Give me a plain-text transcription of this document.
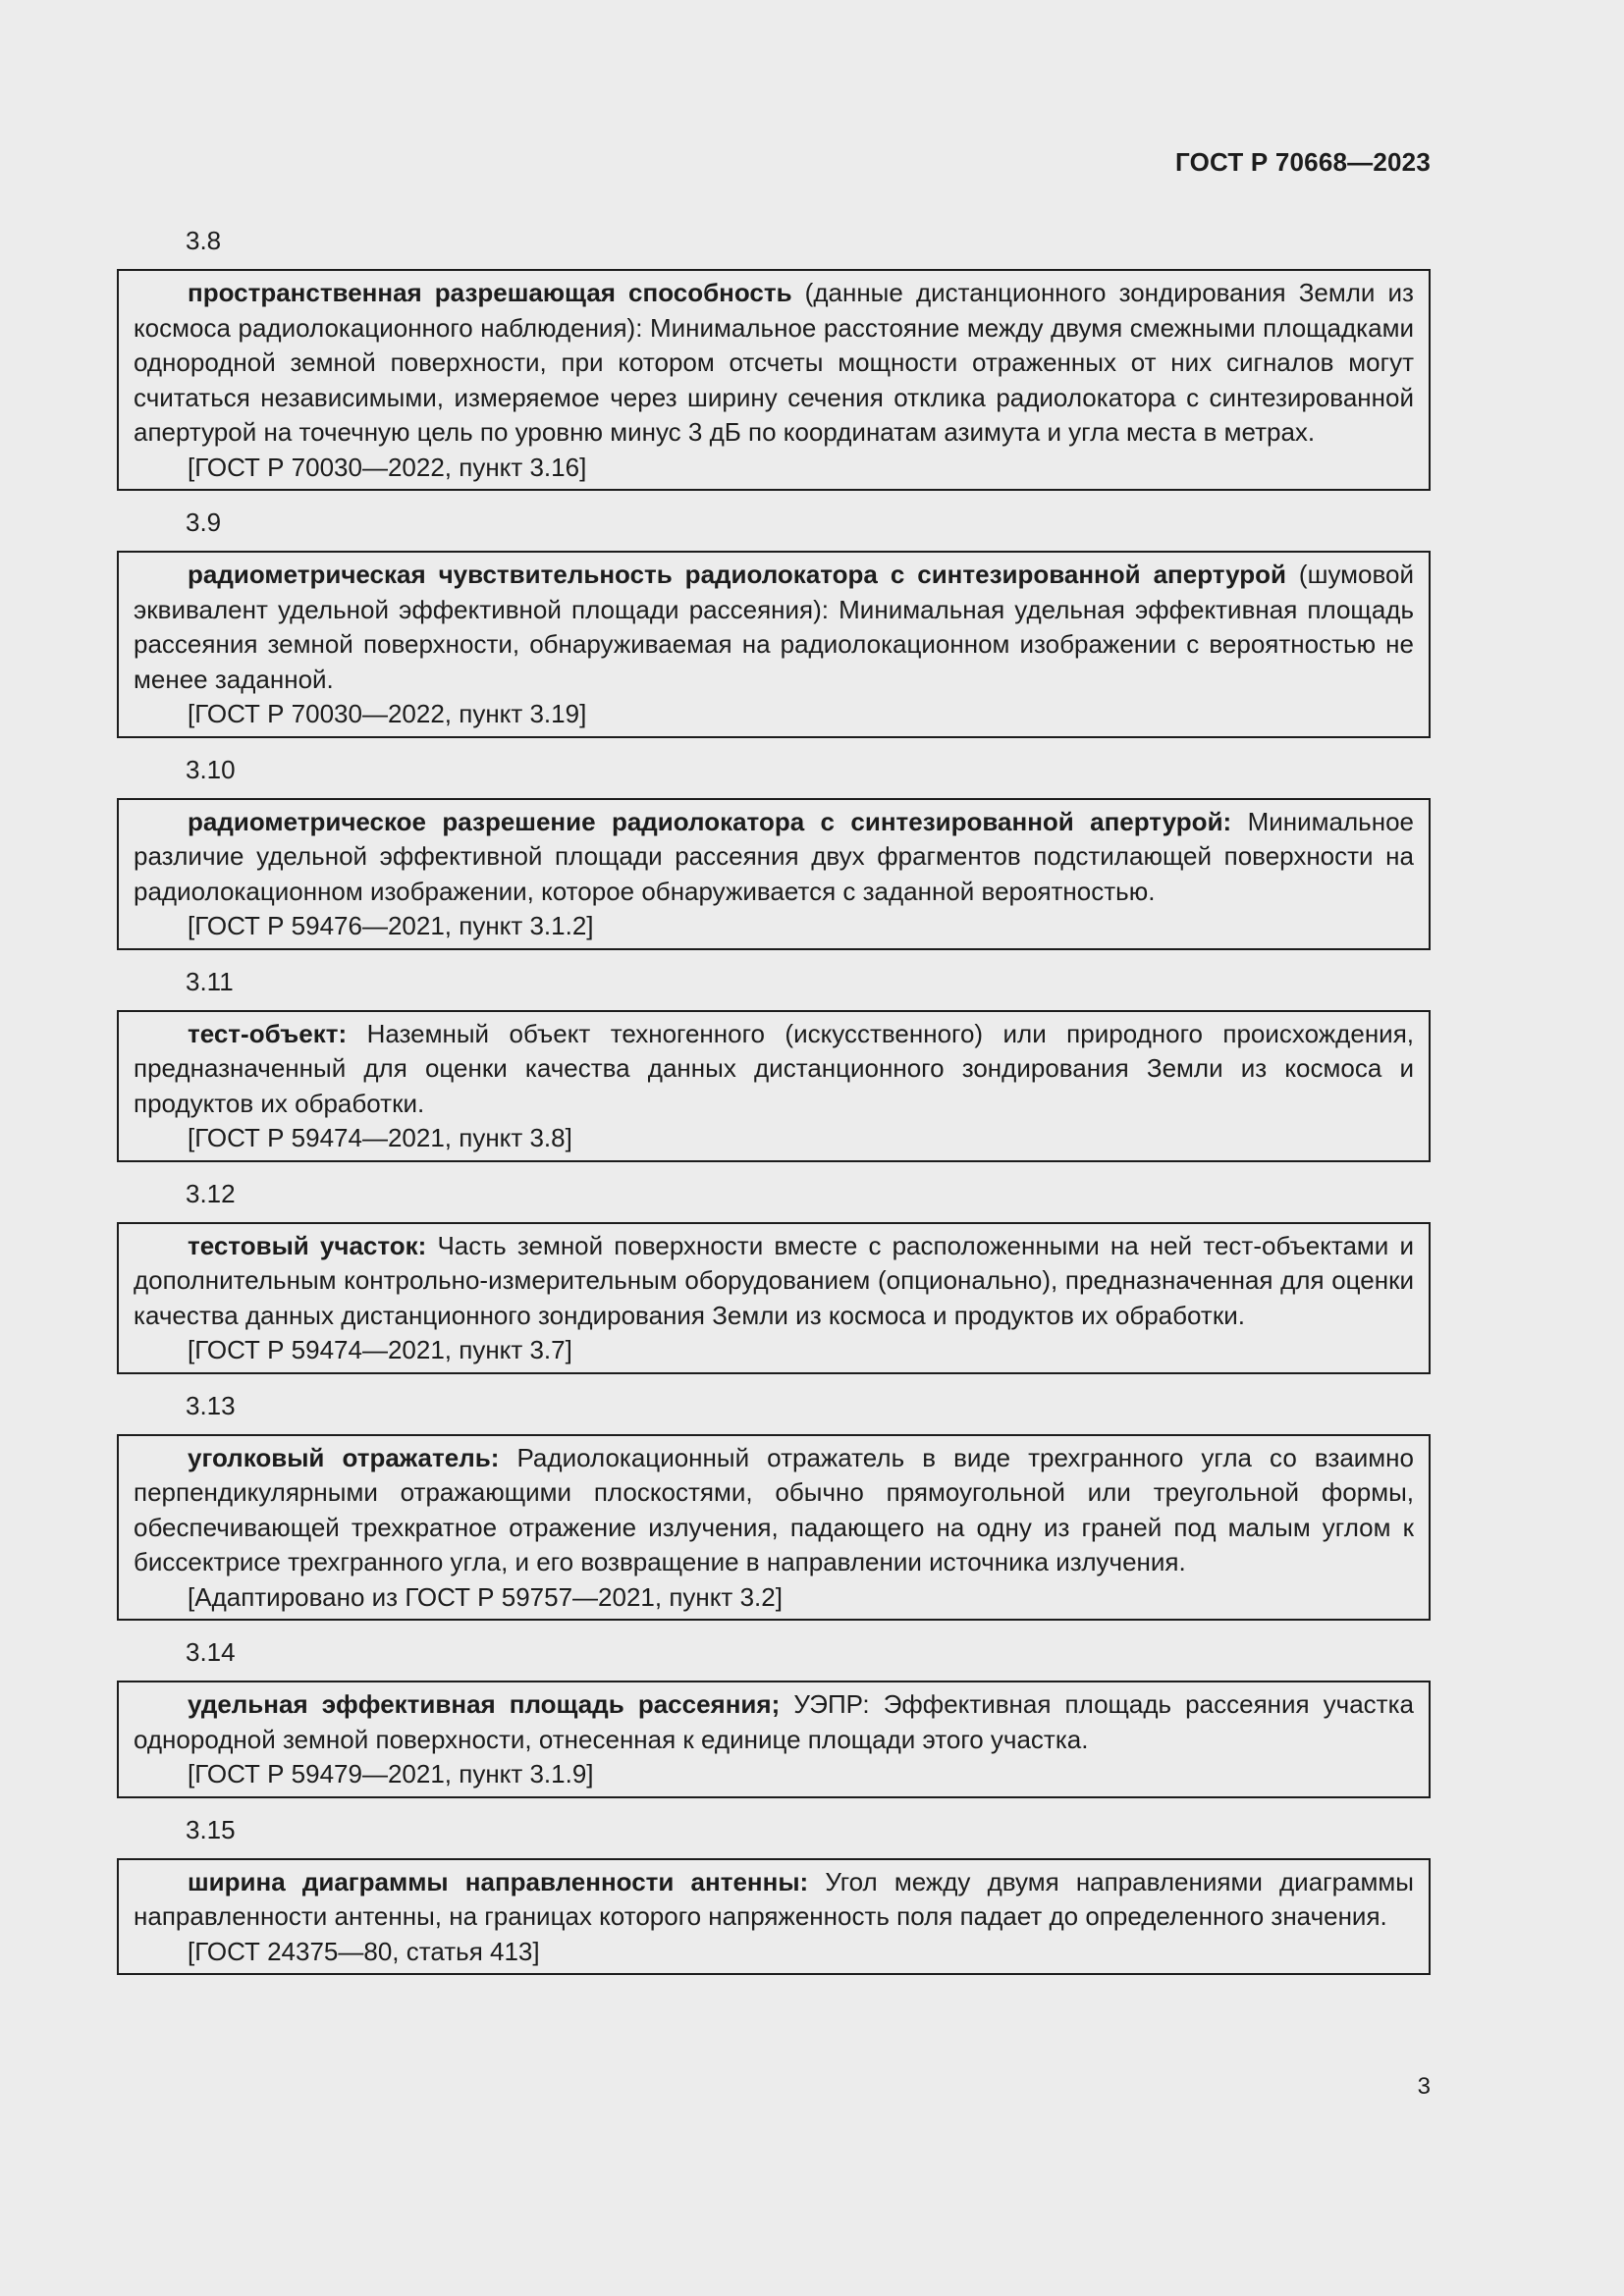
ГОСТ Р 70668—2023
3.8
пространственная разрешающая способность (данные дистанционного зондирования Земли из космоса радиолокационного наблюдения): Минимальное расстояние между двумя смежными площадками однородной земной поверхности, при котором отсчеты мощности отраженных от них сигналов могут считаться независимыми, измеряемое через ширину сечения отклика радиолокатора с синтезированной апертурой на точечную цель по уровню минус 3 дБ по координатам азимута и угла места в метрах.
[ГОСТ Р 70030—2022, пункт 3.16]
3.9
радиометрическая чувствительность радиолокатора с синтезированной апертурой (шумовой эквивалент удельной эффективной площади рассеяния): Минимальная удельная эффективная площадь рассеяния земной поверхности, обнаруживаемая на радиолокационном изображении с вероятностью не менее заданной.
[ГОСТ Р 70030—2022, пункт 3.19]
3.10
радиометрическое разрешение радиолокатора с синтезированной апертурой: Минимальное различие удельной эффективной площади рассеяния двух фрагментов подстилающей поверхности на радиолокационном изображении, которое обнаруживается с заданной вероятностью.
[ГОСТ Р 59476—2021, пункт 3.1.2]
3.11
тест-объект: Наземный объект техногенного (искусственного) или природного происхождения, предназначенный для оценки качества данных дистанционного зондирования Земли из космоса и продуктов их обработки.
[ГОСТ Р 59474—2021, пункт 3.8]
3.12
тестовый участок: Часть земной поверхности вместе с расположенными на ней тест-объектами и дополнительным контрольно-измерительным оборудованием (опционально), предназначенная для оценки качества данных дистанционного зондирования Земли из космоса и продуктов их обработки.
[ГОСТ Р 59474—2021, пункт 3.7]
3.13
уголковый отражатель: Радиолокационный отражатель в виде трехгранного угла со взаимно перпендикулярными отражающими плоскостями, обычно прямоугольной или треугольной формы, обеспечивающей трехкратное отражение излучения, падающего на одну из граней под малым углом к биссектрисе трехгранного угла, и его возвращение в направлении источника излучения.
[Адаптировано из ГОСТ Р 59757—2021, пункт 3.2]
3.14
удельная эффективная площадь рассеяния; УЭПР: Эффективная площадь рассеяния участка однородной земной поверхности, отнесенная к единице площади этого участка.
[ГОСТ Р 59479—2021, пункт 3.1.9]
3.15
ширина диаграммы направленности антенны: Угол между двумя направлениями диаграммы направленности антенны, на границах которого напряженность поля падает до определенного значения.
[ГОСТ 24375—80, статья 413]
3
